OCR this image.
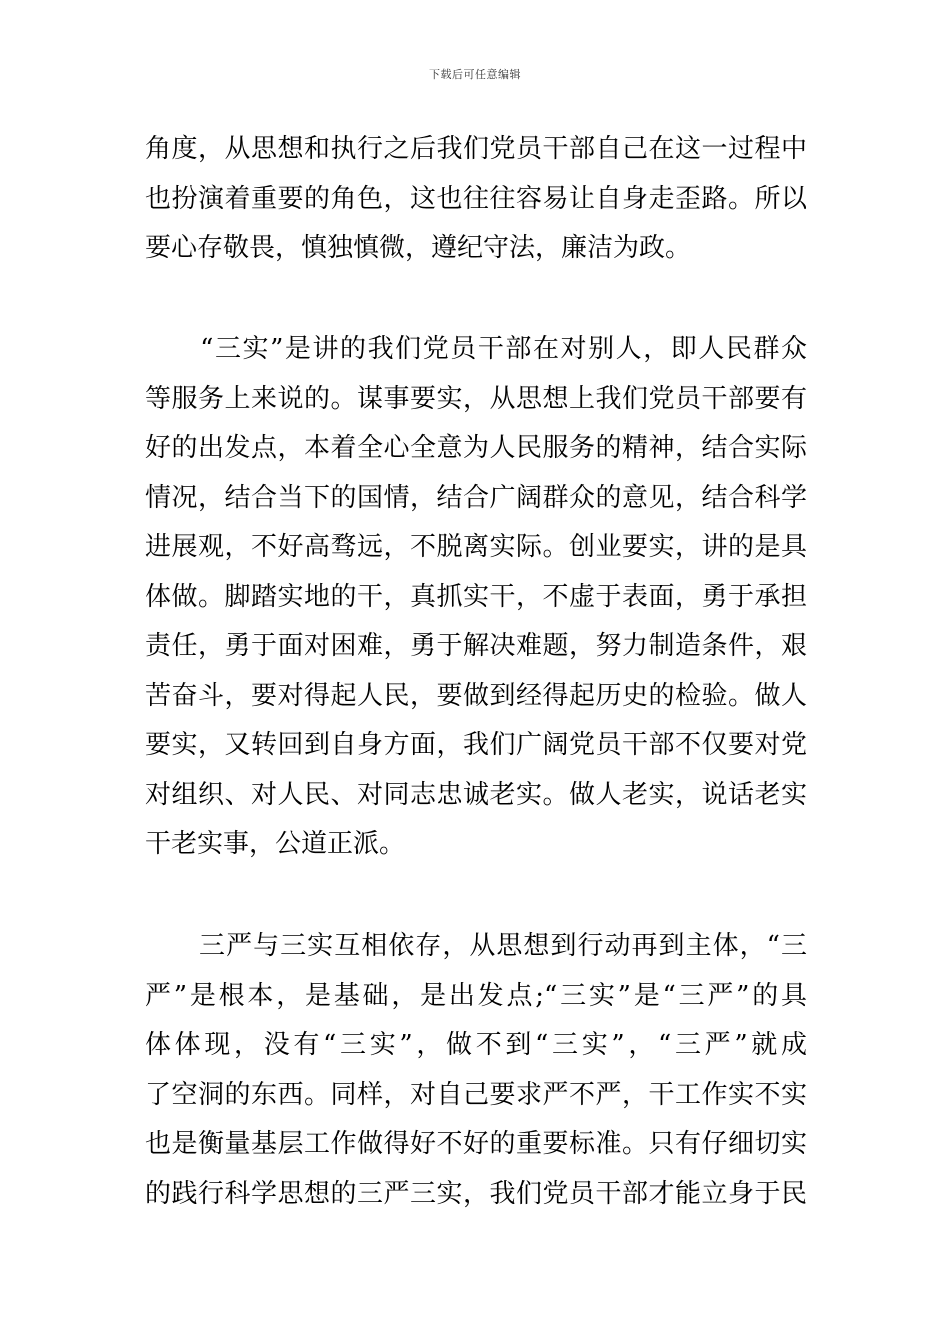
下载后可任意编辑
角度，从思想和执行之后我们党员干部自己在这一过程中
也扮演着重要的角色，这也往往容易让自身走歪路。所以
要心存敬畏，慎独慎微，遵纪守法，廉洁为政。
　　“三实”是讲的我们党员干部在对别人，即人民群众
等服务上来说的。谋事要实，从思想上我们党员干部要有
好的出发点，本着全心全意为人民服务的精神，结合实际
情况，结合当下的国情，结合广阔群众的意见，结合科学
进展观，不好高骛远，不脱离实际。创业要实，讲的是具
体做。脚踏实地的干，真抓实干，不虚于表面，勇于承担
责任，勇于面对困难，勇于解决难题，努力制造条件，艰
苦奋斗，要对得起人民，要做到经得起历史的检验。做人
要实，又转回到自身方面，我们广阔党员干部不仅要对党
对组织、对人民、对同志忠诚老实。做人老实，说话老实
干老实事，公道正派。
　　三严与三实互相依存，从思想到行动再到主体，“三
严”是根本，是基础，是出发点;“三实”是“三严”的具
体体现，没有“三实”，做不到“三实”，“三严”就成
了空洞的东西。同样，对自己要求严不严，干工作实不实
也是衡量基层工作做得好不好的重要标准。只有仔细切实
的践行科学思想的三严三实，我们党员干部才能立身于民
